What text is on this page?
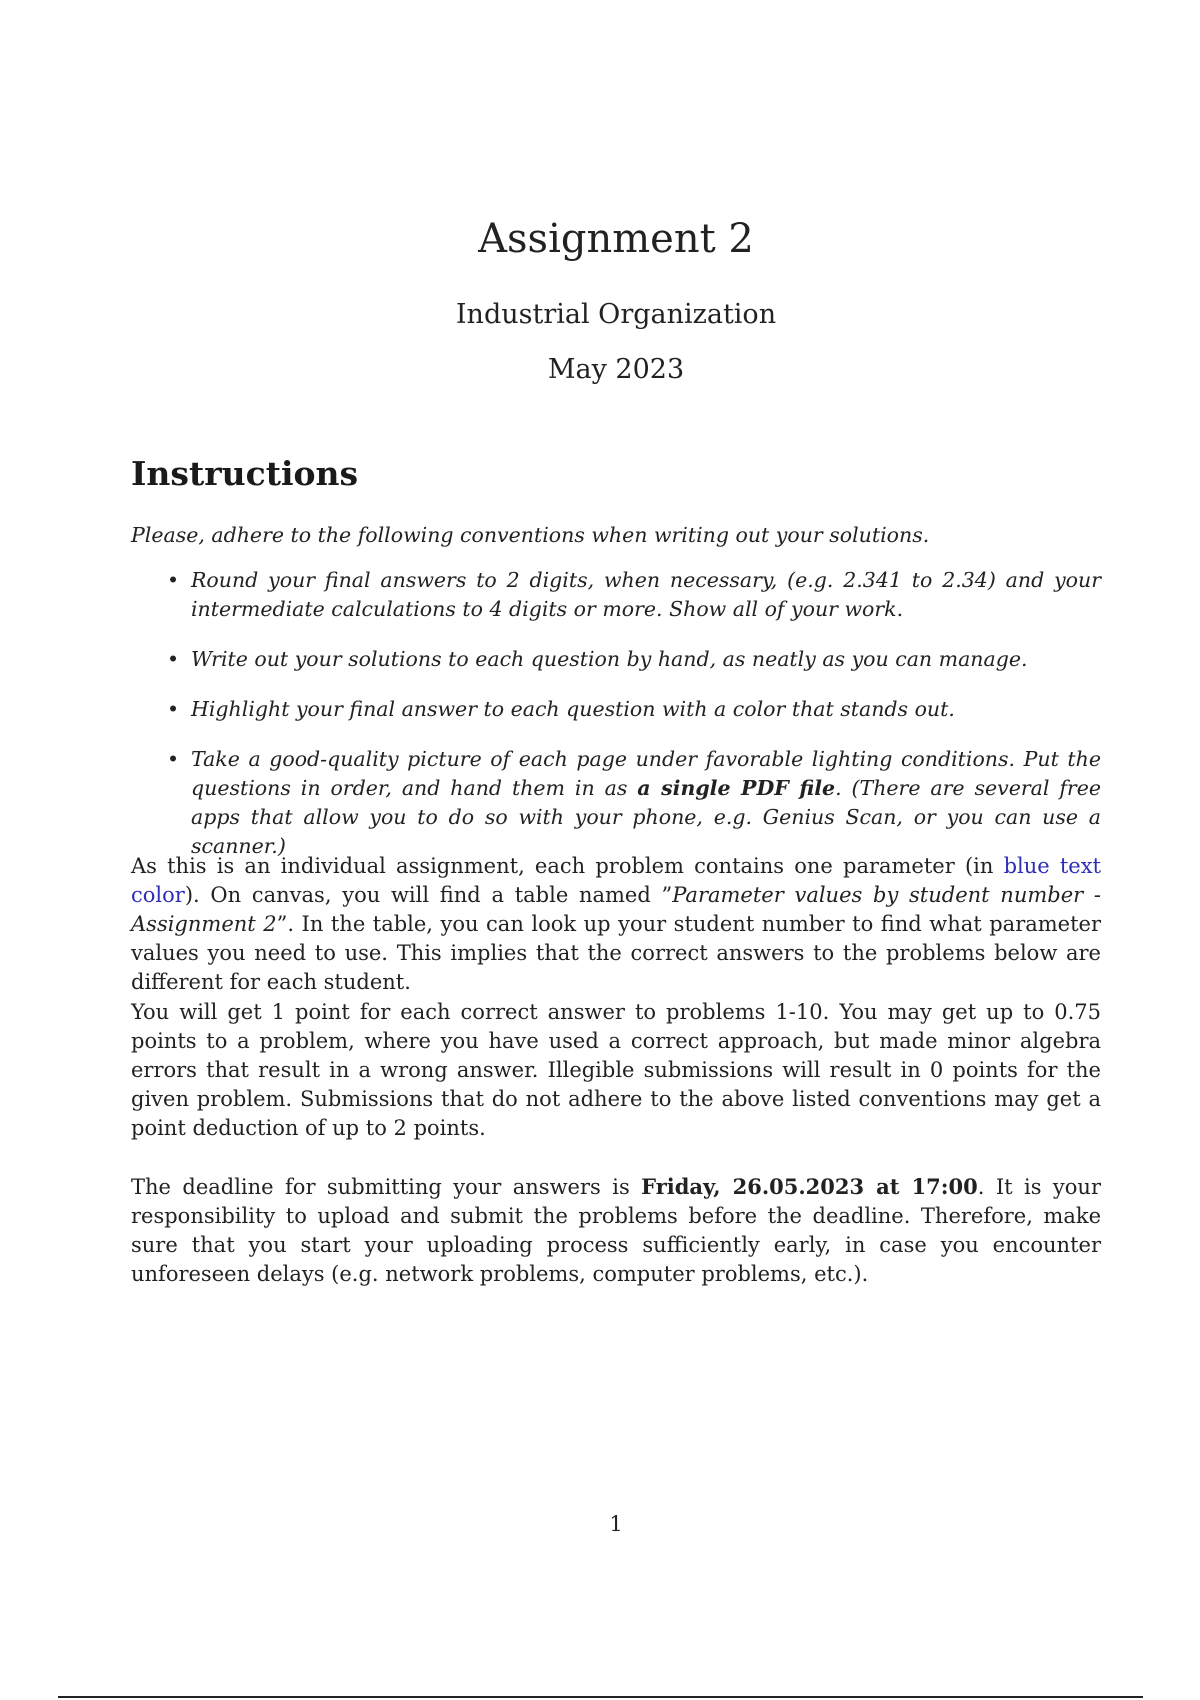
Assignment 2
Industrial Organization
May 2023
Instructions
Please, adhere to the following conventions when writing out your solutions.
• Round your final answers to 2 digits, when necessary, (e.g. 2.341 to 2.34) and your intermediate calculations to 4 digits or more. Show all of your work.
• Write out your solutions to each question by hand, as neatly as you can manage.
• Highlight your final answer to each question with a color that stands out.
• Take a good-quality picture of each page under favorable lighting conditions. Put the questions in order, and hand them in as a single PDF file. (There are several free apps that allow you to do so with your phone, e.g. Genius Scan, or you can use a scanner.)
As this is an individual assignment, each problem contains one parameter (in blue text color). On canvas, you will find a table named ”Parameter values by student number - Assignment 2”. In the table, you can look up your student number to find what parameter values you need to use. This implies that the correct answers to the problems below are different for each student.
You will get 1 point for each correct answer to problems 1-10. You may get up to 0.75 points to a problem, where you have used a correct approach, but made minor algebra errors that result in a wrong answer. Illegible submissions will result in 0 points for the given problem. Submissions that do not adhere to the above listed conventions may get a point deduction of up to 2 points.
The deadline for submitting your answers is Friday, 26.05.2023 at 17:00. It is your responsibility to upload and submit the problems before the deadline. Therefore, make sure that you start your uploading process sufficiently early, in case you encounter unforeseen delays (e.g. network problems, computer problems, etc.).
1
